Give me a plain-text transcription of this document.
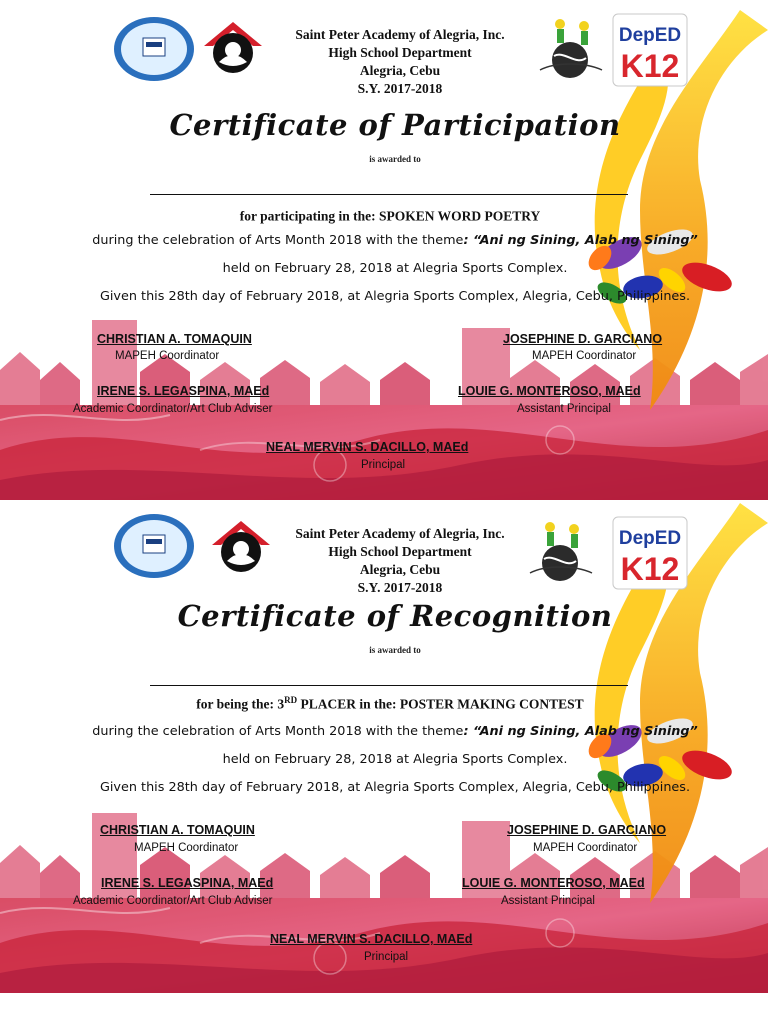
DepED
K12
Saint Peter Academy of Alegria, Inc.
High School Department
Alegria, Cebu
S.Y. 2017-2018
Certificate of Participation
is awarded to
for participating in the: SPOKEN WORD POETRY
during the celebration of Arts Month 2018 with the theme: “Ani ng Sining, Alab ng Sining”
held on February 28, 2018 at Alegria Sports Complex.
Given this 28th day of February 2018, at Alegria Sports Complex, Alegria, Cebu, Philippines.
CHRISTIAN A. TOMAQUIN
MAPEH Coordinator
JOSEPHINE D. GARCIANO
MAPEH Coordinator
IRENE S. LEGASPINA, MAEd
Academic Coordinator/Art Club Adviser
LOUIE G. MONTEROSO, MAEd
Assistant Principal
NEAL MERVIN S. DACILLO, MAEd
Principal
DepED
K12
Saint Peter Academy of Alegria, Inc.
High School Department
Alegria, Cebu
S.Y. 2017-2018
Certificate of Recognition
is awarded to
for being the: 3RD PLACER in the: POSTER MAKING CONTEST
during the celebration of Arts Month 2018 with the theme: “Ani ng Sining, Alab ng Sining”
held on February 28, 2018 at Alegria Sports Complex.
Given this 28th day of February 2018, at Alegria Sports Complex, Alegria, Cebu, Philippines.
CHRISTIAN A. TOMAQUIN
MAPEH Coordinator
JOSEPHINE D. GARCIANO
MAPEH Coordinator
IRENE S. LEGASPINA, MAEd
Academic Coordinator/Art Club Adviser
LOUIE G. MONTEROSO, MAEd
Assistant Principal
NEAL MERVIN S. DACILLO, MAEd
Principal
